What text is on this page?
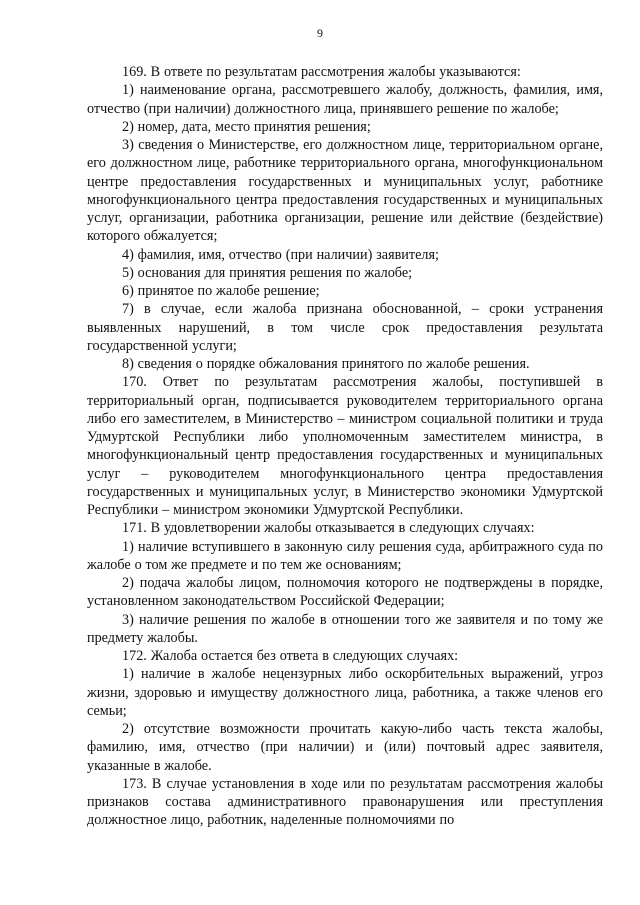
9

169. В ответе по результатам рассмотрения жалобы указываются:

1) наименование органа, рассмотревшего жалобу, должность, фамилия, имя, отчество (при наличии) должностного лица, принявшего решение по жалобе;

2) номер, дата, место принятия решения;

3) сведения о Министерстве, его должностном лице, территориальном органе, его должностном лице, работнике территориального органа, многофункциональном центре предоставления государственных и муниципальных услуг, работнике многофункционального центра предоставления государственных и муниципальных услуг, организации, работника организации, решение или действие (бездействие) которого обжалуется;

4) фамилия, имя, отчество (при наличии) заявителя;

5) основания для принятия решения по жалобе;

6) принятое по жалобе решение;

7) в случае, если жалоба признана обоснованной, – сроки устранения выявленных нарушений, в том числе срок предоставления результата государственной услуги;

8) сведения о порядке обжалования принятого по жалобе решения.

170. Ответ по результатам рассмотрения жалобы, поступившей в территориальный орган, подписывается руководителем территориального органа либо его заместителем, в Министерство – министром социальной политики и труда Удмуртской Республики либо уполномоченным заместителем министра, в многофункциональный центр предоставления государственных и муниципальных услуг – руководителем многофункционального центра предоставления государственных и муниципальных услуг, в Министерство экономики Удмуртской Республики – министром экономики Удмуртской Республики.

171. В удовлетворении жалобы отказывается в следующих случаях:

1) наличие вступившего в законную силу решения суда, арбитражного суда по жалобе о том же предмете и по тем же основаниям;

2) подача жалобы лицом, полномочия которого не подтверждены в порядке, установленном законодательством Российской Федерации;

3) наличие решения по жалобе в отношении того же заявителя и по тому же предмету жалобы.

172. Жалоба остается без ответа в следующих случаях:

1) наличие в жалобе нецензурных либо оскорбительных выражений, угроз жизни, здоровью и имуществу должностного лица, работника, а также членов его семьи;

2) отсутствие возможности прочитать какую-либо часть текста жалобы, фамилию, имя, отчество (при наличии) и (или) почтовый адрес заявителя, указанные в жалобе.

173. В случае установления в ходе или по результатам рассмотрения жалобы признаков состава административного правонарушения или преступления должностное лицо, работник, наделенные полномочиями по
